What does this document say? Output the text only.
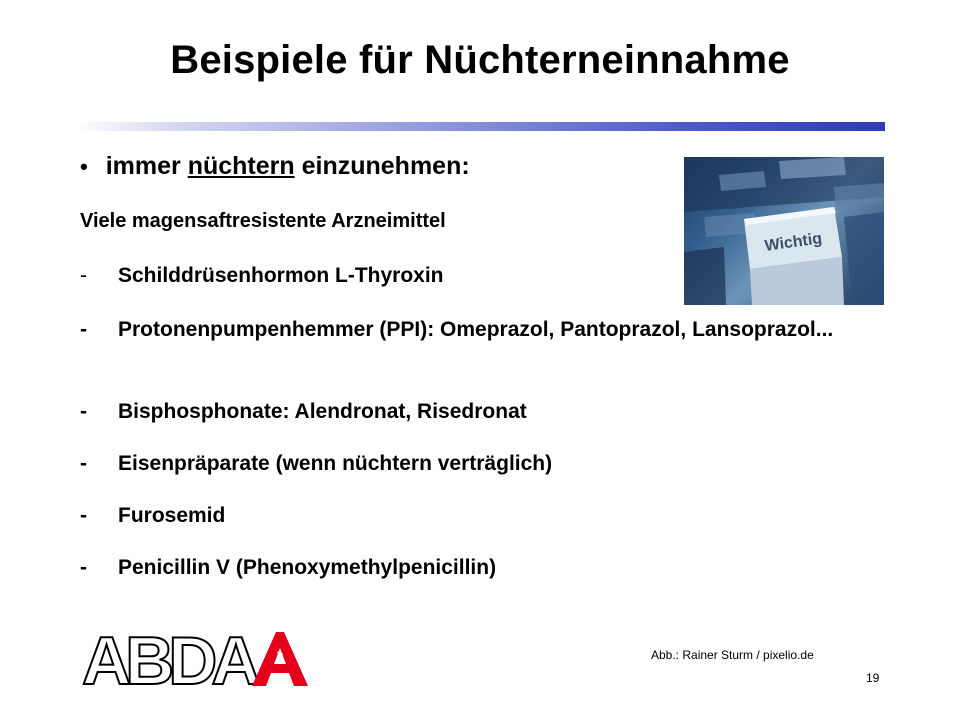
Beispiele für Nüchterneinnahme
• immer
nüchtern
einzunehmen:
Viele magensaftresistente Arzneimittel
-	Schilddrüsenhormon L-Thyroxin
-	Protonenpumpenhemmer (PPI): Omeprazol, Pantoprazol, Lansoprazol...
-	Bisphosphonate: Alendronat, Risedronat
-	Eisenpräparate (wenn nüchtern verträglich)
-	Furosemid
-	Penicillin V (Phenoxymethylpenicillin)
Wichtig
ABDA	⚕	Abb.: Rainer Sturm / pixelio.de
19
